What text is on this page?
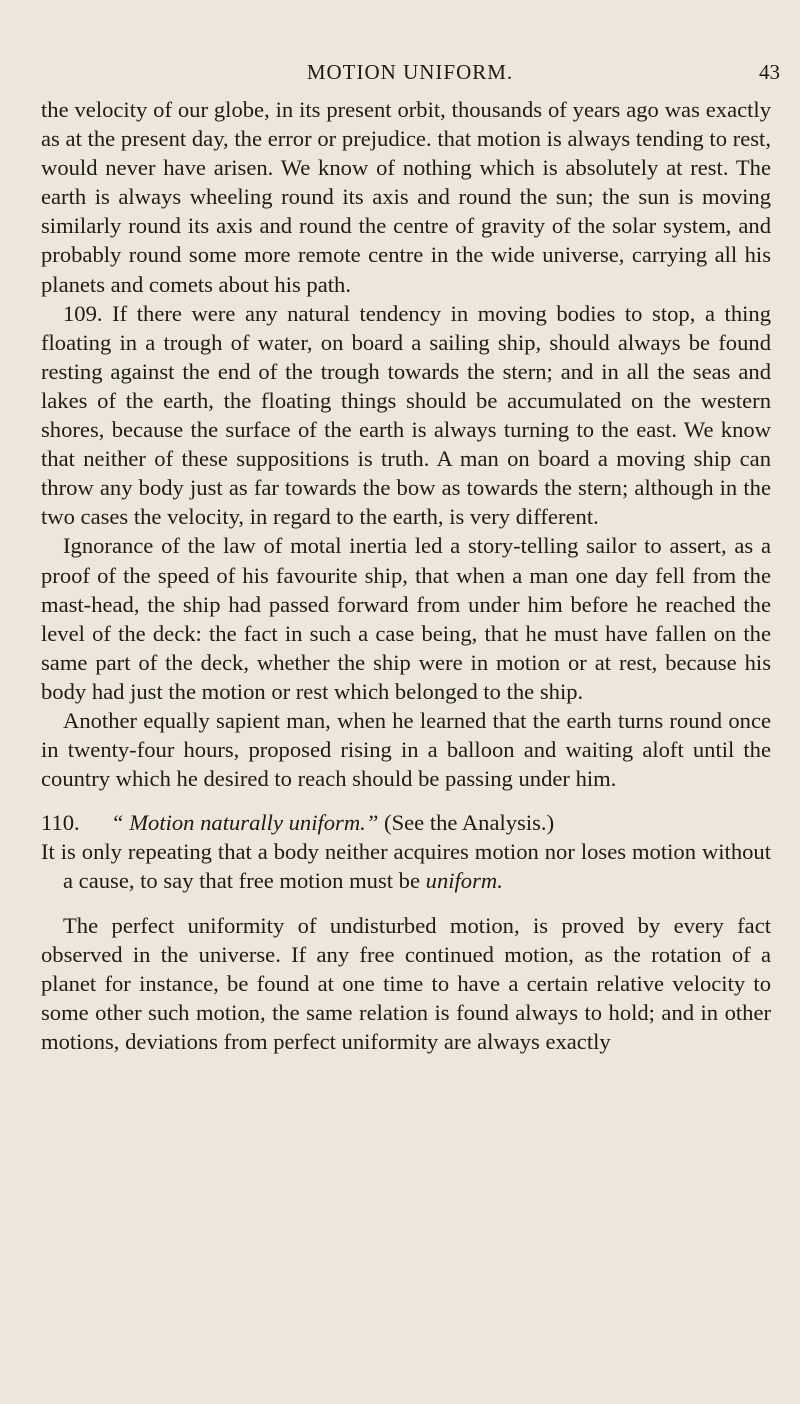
MOTION UNIFORM.	43

the velocity of our globe, in its present orbit, thousands of years ago was exactly as at the present day, the error or prejudice. that motion is always tending to rest, would never have arisen. We know of nothing which is absolutely at rest. The earth is always wheeling round its axis and round the sun; the sun is moving similarly round its axis and round the centre of gravity of the solar system, and probably round some more remote centre in the wide universe, carrying all his planets and comets about his path.

109. If there were any natural tendency in moving bodies to stop, a thing floating in a trough of water, on board a sailing ship, should always be found resting against the end of the trough towards the stern; and in all the seas and lakes of the earth, the floating things should be accumulated on the western shores, because the surface of the earth is always turning to the east. We know that neither of these suppositions is truth. A man on board a moving ship can throw any body just as far towards the bow as towards the stern; although in the two cases the velocity, in regard to the earth, is very different.

Ignorance of the law of motal inertia led a story-telling sailor to assert, as a proof of the speed of his favourite ship, that when a man one day fell from the mast-head, the ship had passed forward from under him before he reached the level of the deck: the fact in such a case being, that he must have fallen on the same part of the deck, whether the ship were in motion or at rest, because his body had just the motion or rest which belonged to the ship.

Another equally sapient man, when he learned that the earth turns round once in twenty-four hours, proposed rising in a balloon and waiting aloft until the country which he desired to reach should be passing under him.

110. “ Motion naturally uniform.” (See the Analysis.)

It is only repeating that a body neither acquires motion nor loses motion without a cause, to say that free motion must be uniform.

The perfect uniformity of undisturbed motion, is proved by every fact observed in the universe. If any free continued motion, as the rotation of a planet for instance, be found at one time to have a certain relative velocity to some other such motion, the same relation is found always to hold; and in other motions, deviations from perfect uniformity are always exactly
